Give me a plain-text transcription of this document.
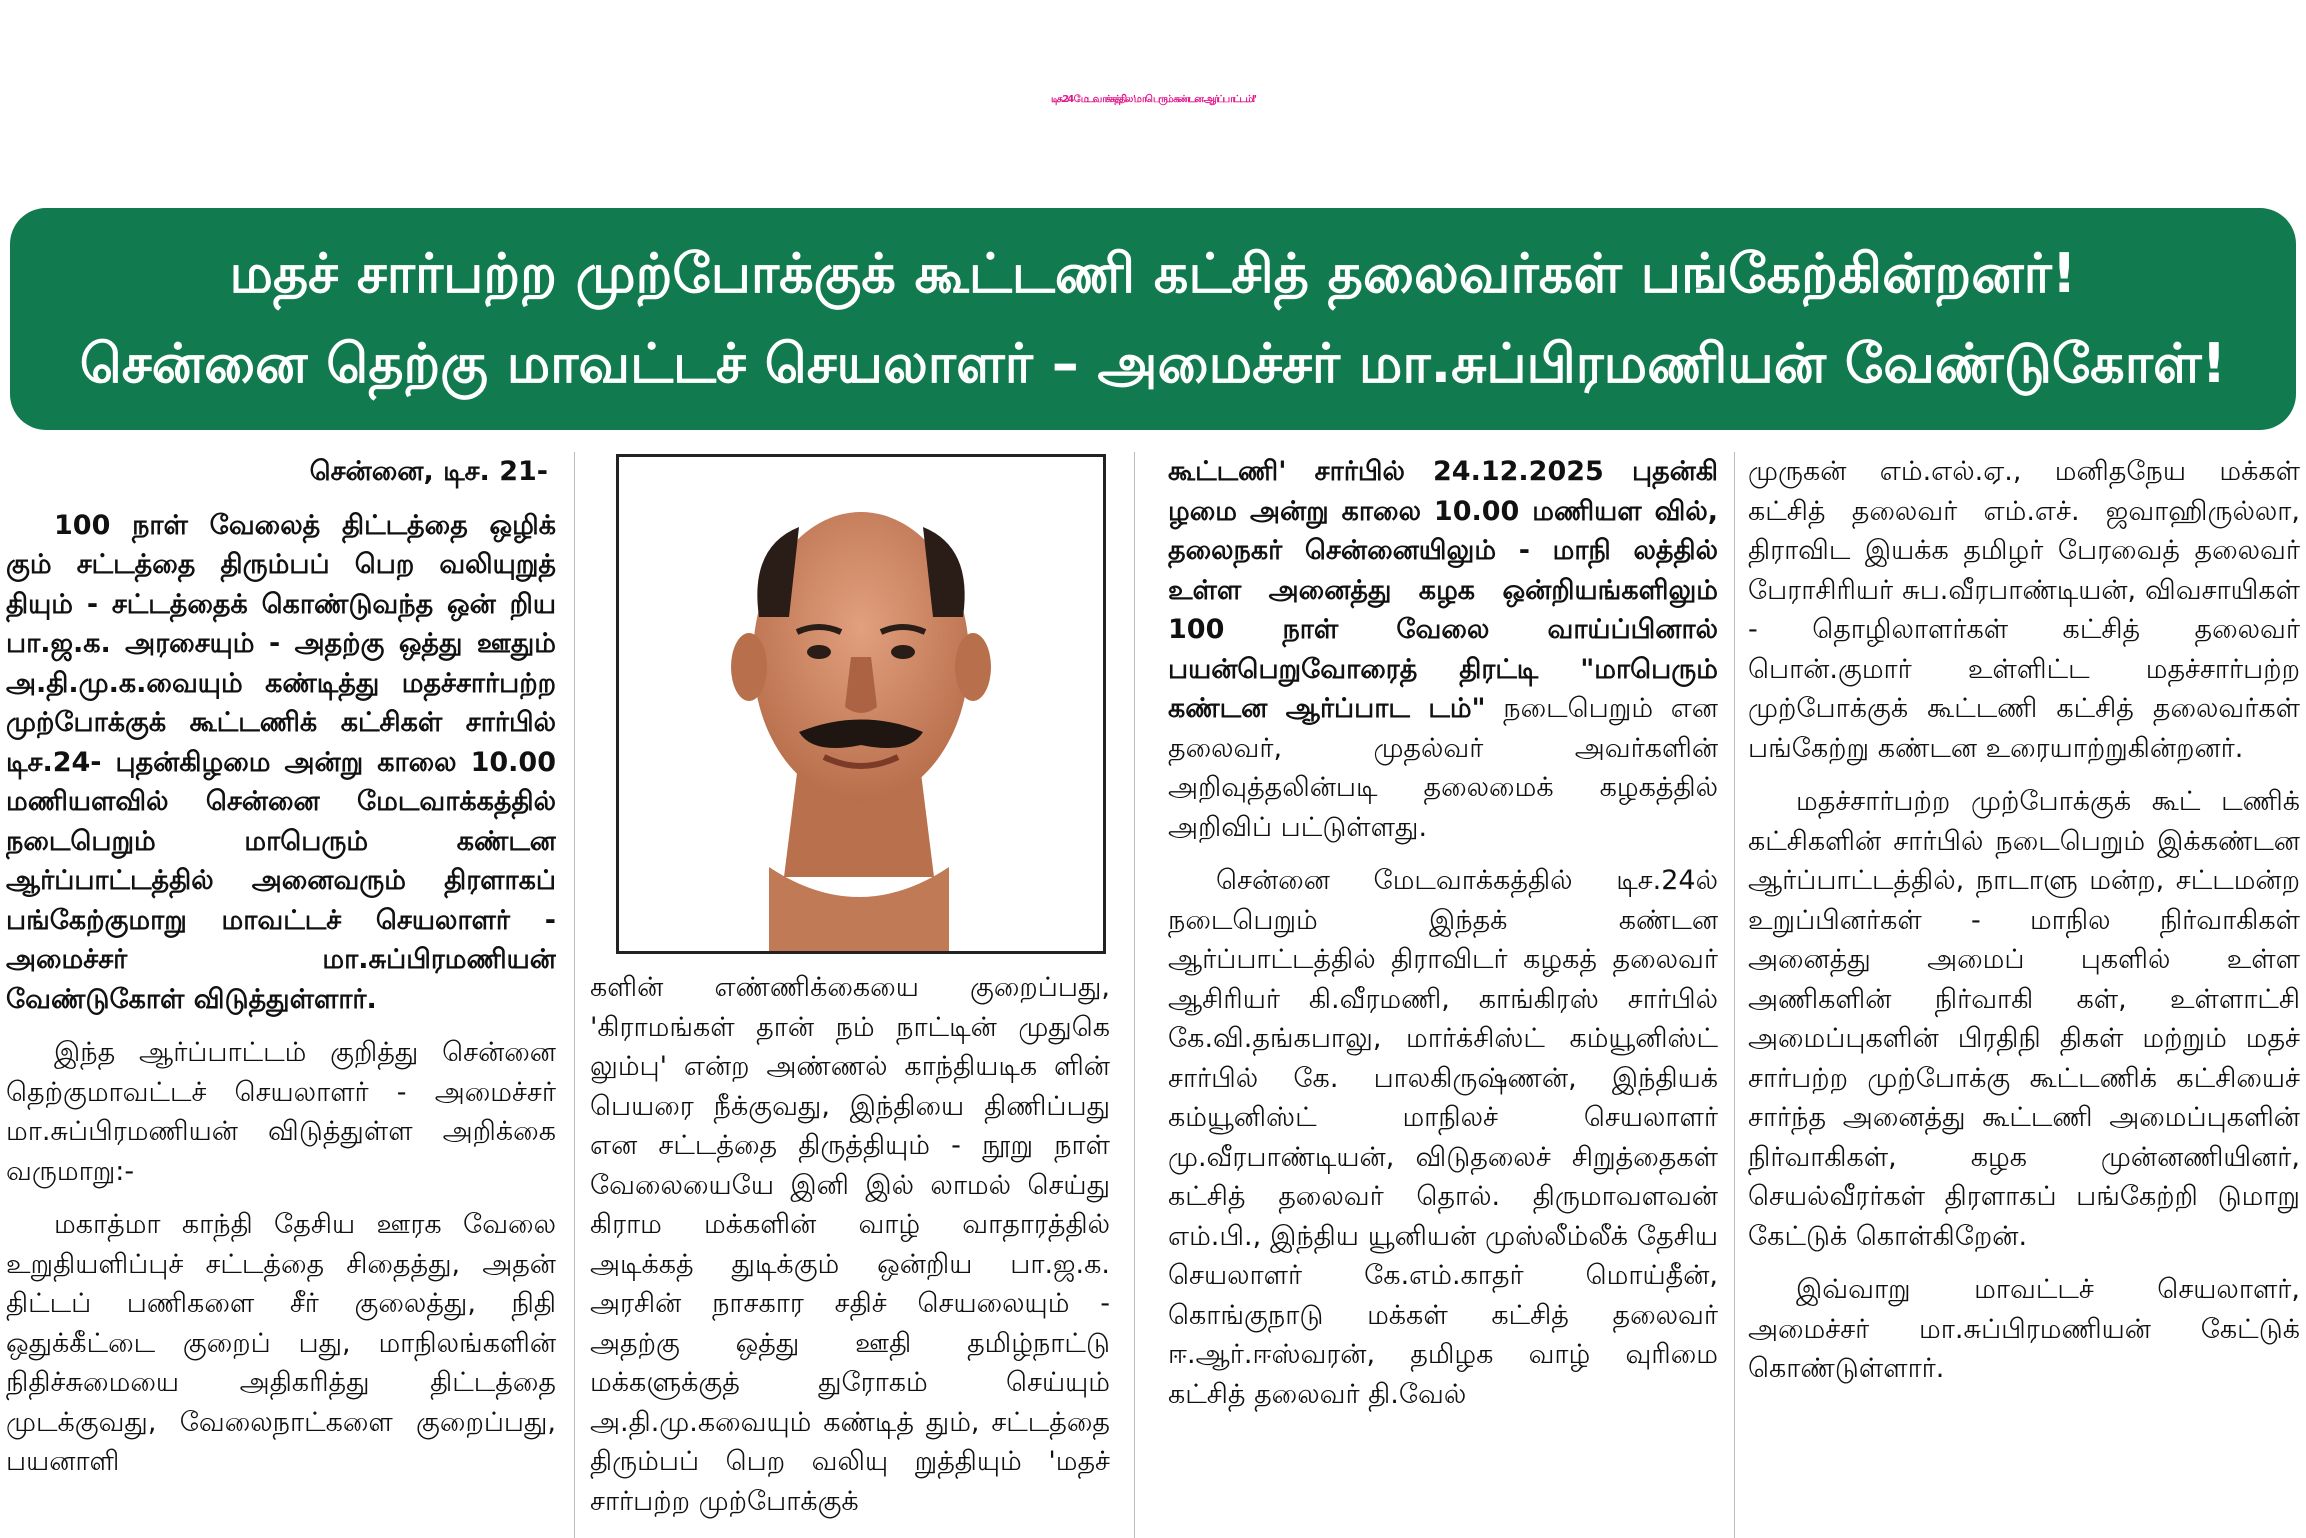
டிச.24 மேடவாக்கத்தில 'மாபெரும் கண்டன ஆர்ப்பாட்டம்!'
மதச் சார்பற்ற முற்போக்குக் கூட்டணி கட்சித் தலைவர்கள் பங்கேற்கின்றனர்!
சென்னை தெற்கு மாவட்டச் செயலாளர் – அமைச்சர் மா.சுப்பிரமணியன் வேண்டுகோள்!

சென்னை, டிச. 21-

100 நாள் வேலைத் திட்டத்தை ஒழிக் கும் சட்டத்தை திரும்பப் பெற வலியுறுத் தியும் - சட்டத்தைக் கொண்டுவந்த ஒன் றிய பா.ஜ.க. அரசையும் - அதற்கு ஒத்து ஊதும் அ.தி.மு.க.வையும் கண்டித்து மதச்சார்பற்ற முற்போக்குக் கூட்டணிக் கட்சிகள் சார்பில் டிச.24- புதன்கிழமை அன்று காலை 10.00 மணியளவில் சென்னை மேடவாக்கத்தில் நடைபெறும் மாபெரும் கண்டன ஆர்ப்பாட்டத்தில் அனைவரும் திரளாகப் பங்கேற்குமாறு மாவட்டச் செயலாளர் - அமைச்சர் மா.சுப்பிரமணியன் வேண்டுகோள் விடுத்துள்ளார்.

இந்த ஆர்ப்பாட்டம் குறித்து சென்னை தெற்குமாவட்டச் செயலாளர் - அமைச்சர் மா.சுப்பிரமணியன் விடுத்துள்ள அறிக்கை வருமாறு:-

மகாத்மா காந்தி தேசிய ஊரக வேலை உறுதியளிப்புச் சட்டத்தை சிதைத்து, அதன் திட்டப் பணிகளை சீர் குலைத்து, நிதி ஒதுக்கீட்டை குறைப் பது, மாநிலங்களின் நிதிச்சுமையை அதிகரித்து திட்டத்தை முடக்குவது, வேலைநாட்களை குறைப்பது, பயனாளி

களின் எண்ணிக்கையை குறைப்பது, 'கிராமங்கள் தான் நம் நாட்டின் முதுகெ லும்பு' என்ற அண்ணல் காந்தியடிக ளின் பெயரை நீக்குவது, இந்தியை திணிப்பது என சட்டத்தை திருத்தியும் - நூறு நாள் வேலையையே இனி இல் லாமல் செய்து கிராம மக்களின் வாழ் வாதாரத்தில் அடிக்கத் துடிக்கும் ஒன்றிய பா.ஜ.க. அரசின் நாசகார சதிச் செயலையும் - அதற்கு ஒத்து ஊதி தமிழ்நாட்டு மக்களுக்குத் துரோகம் செய்யும் அ.தி.மு.கவையும் கண்டித் தும், சட்டத்தை திரும்பப் பெற வலியு றுத்தியும் 'மதச் சார்பற்ற முற்போக்குக்

கூட்டணி' சார்பில் 24.12.2025 புதன்கி ழமை அன்று காலை 10.00 மணியள வில், தலைநகர் சென்னையிலும் - மாநி லத்தில் உள்ள அனைத்து கழக ஒன்றியங்களிலும் 100 நாள் வேலை வாய்ப்பினால் பயன்பெறுவோரைத் திரட்டி "மாபெரும் கண்டன ஆர்ப்பாட டம்" நடைபெறும் என தலைவர், முதல்வர் அவர்களின் அறிவுத்தலின்படி தலைமைக் கழகத்தில் அறிவிப் பட்டுள்ளது.

சென்னை மேடவாக்கத்தில் டிச.24ல் நடைபெறும் இந்தக் கண்டன ஆர்ப்பாட்டத்தில் திராவிடர் கழகத் தலைவர் ஆசிரியர் கி.வீரமணி, காங்கிரஸ் சார்பில் கே.வி.தங்கபாலு, மார்க்சிஸ்ட் கம்யூனிஸ்ட் சார்பில் கே. பாலகிருஷ்ணன், இந்தியக் கம்யூனிஸ்ட் மாநிலச் செயலாளர் மு.வீரபாண்டியன், விடுதலைச் சிறுத்தைகள் கட்சித் தலைவர் தொல். திருமாவளவன் எம்.பி., இந்திய யூனியன் முஸ்லீம்லீக் தேசிய செயலாளர் கே.எம்.காதர் மொய்தீன், கொங்குநாடு மக்கள் கட்சித் தலைவர் ஈ.ஆர்.ஈஸ்வரன், தமிழக வாழ் வுரிமை கட்சித் தலைவர் தி.வேல்

முருகன் எம்.எல்.ஏ., மனிதநேய மக்கள் கட்சித் தலைவர் எம்.எச். ஜவாஹிருல்லா, திராவிட இயக்க தமிழர் பேரவைத் தலைவர் பேராசிரியர் சுப.வீரபாண்டியன், விவசாயிகள் - தொழிலாளர்கள் கட்சித் தலைவர் பொன்.குமார் உள்ளிட்ட மதச்சார்பற்ற முற்போக்குக் கூட்டணி கட்சித் தலைவர்கள் பங்கேற்று கண்டன உரையாற்றுகின்றனர்.

மதச்சார்பற்ற முற்போக்குக் கூட் டணிக் கட்சிகளின் சார்பில் நடைபெறும் இக்கண்டன ஆர்ப்பாட்டத்தில், நாடாளு மன்ற, சட்டமன்ற உறுப்பினர்கள் - மாநில நிர்வாகிகள் அனைத்து அமைப் புகளில் உள்ள அணிகளின் நிர்வாகி கள், உள்ளாட்சி அமைப்புகளின் பிரதிநி திகள் மற்றும் மதச் சார்பற்ற முற்போக்கு கூட்டணிக் கட்சியைச் சார்ந்த அனைத்து கூட்டணி அமைப்புகளின் நிர்வாகிகள், கழக முன்னணியினர், செயல்வீரர்கள் திரளாகப் பங்கேற்றி டுமாறு கேட்டுக் கொள்கிறேன்.

இவ்வாறு மாவட்டச் செயலாளர், அமைச்சர் மா.சுப்பிரமணியன் கேட்டுக் கொண்டுள்ளார்.
